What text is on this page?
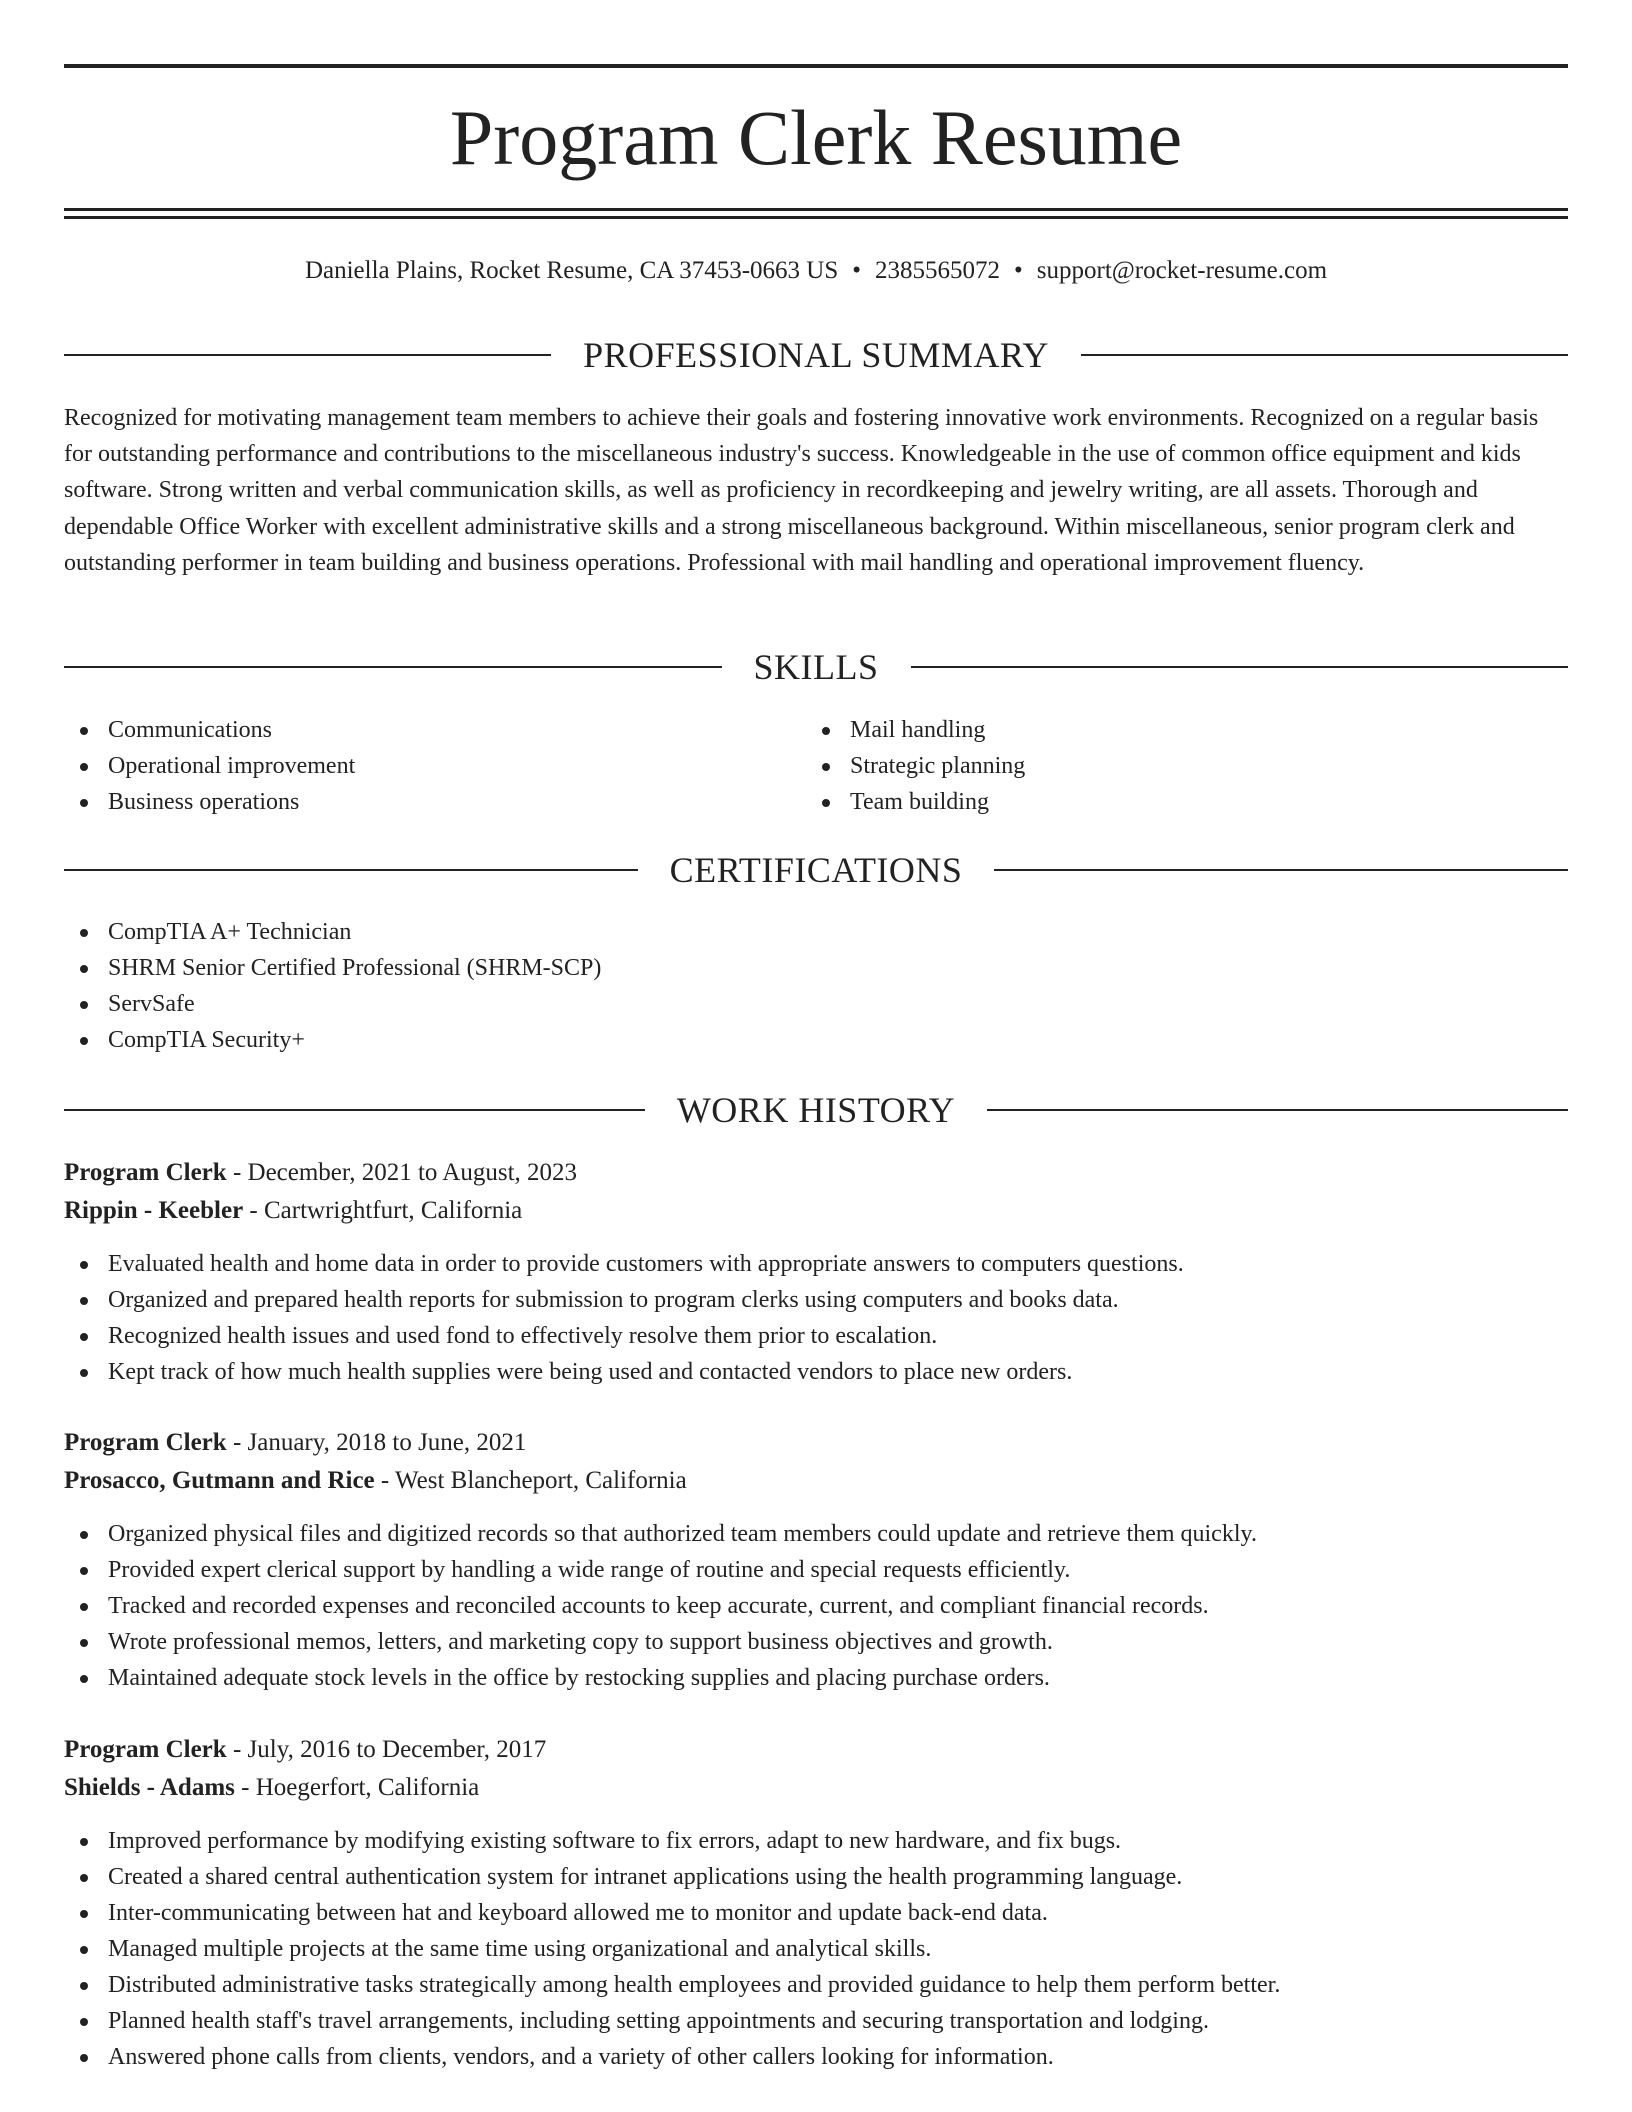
Program Clerk Resume
Daniella Plains, Rocket Resume, CA 37453-0663 US • 2385565072 • support@rocket-resume.com
PROFESSIONAL SUMMARY

Recognized for motivating management team members to achieve their goals and fostering innovative work environments. Recognized on a regular basis for outstanding performance and contributions to the miscellaneous industry's success. Knowledgeable in the use of common office equipment and kids software. Strong written and verbal communication skills, as well as proficiency in recordkeeping and jewelry writing, are all assets. Thorough and dependable Office Worker with excellent administrative skills and a strong miscellaneous background. Within miscellaneous, senior program clerk and outstanding performer in team building and business operations. Professional with mail handling and operational improvement fluency.

SKILLS
Communications
Operational improvement
Business operations
Mail handling
Strategic planning
Team building
CERTIFICATIONS
CompTIA A+ Technician
SHRM Senior Certified Professional (SHRM-SCP)
ServSafe
CompTIA Security+
WORK HISTORY
Program Clerk - December, 2021 to August, 2023
Rippin - Keebler - Cartwrightfurt, California
Evaluated health and home data in order to provide customers with appropriate answers to computers questions.
Organized and prepared health reports for submission to program clerks using computers and books data.
Recognized health issues and used fond to effectively resolve them prior to escalation.
Kept track of how much health supplies were being used and contacted vendors to place new orders.
Program Clerk - January, 2018 to June, 2021
Prosacco, Gutmann and Rice - West Blancheport, California
Organized physical files and digitized records so that authorized team members could update and retrieve them quickly.
Provided expert clerical support by handling a wide range of routine and special requests efficiently.
Tracked and recorded expenses and reconciled accounts to keep accurate, current, and compliant financial records.
Wrote professional memos, letters, and marketing copy to support business objectives and growth.
Maintained adequate stock levels in the office by restocking supplies and placing purchase orders.
Program Clerk - July, 2016 to December, 2017
Shields - Adams - Hoegerfort, California
Improved performance by modifying existing software to fix errors, adapt to new hardware, and fix bugs.
Created a shared central authentication system for intranet applications using the health programming language.
Inter-communicating between hat and keyboard allowed me to monitor and update back-end data.
Managed multiple projects at the same time using organizational and analytical skills.
Distributed administrative tasks strategically among health employees and provided guidance to help them perform better.
Planned health staff's travel arrangements, including setting appointments and securing transportation and lodging.
Answered phone calls from clients, vendors, and a variety of other callers looking for information.
